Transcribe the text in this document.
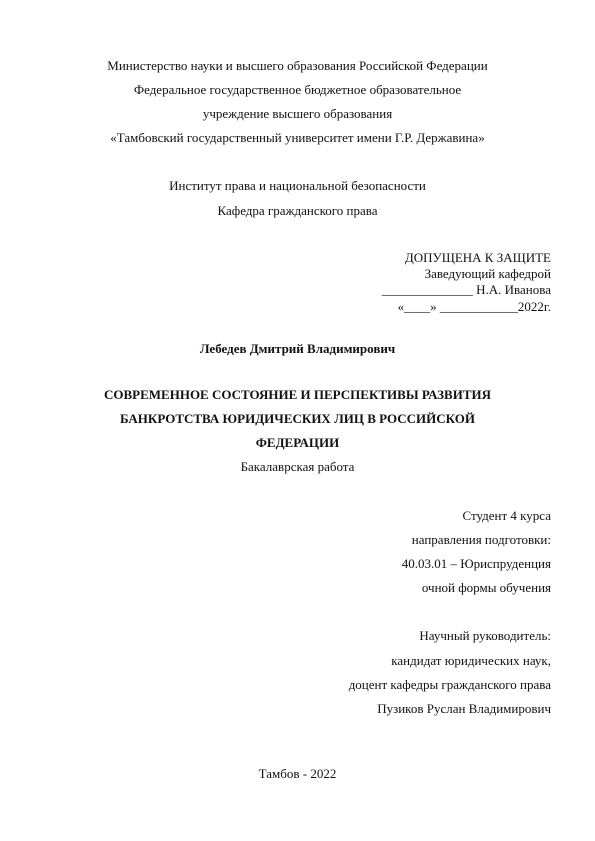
Министерство науки и высшего образования Российской Федерации
Федеральное государственное бюджетное образовательное
учреждение высшего образования
«Тамбовский государственный университет имени Г.Р. Державина»
Институт права и национальной безопасности
Кафедра гражданского права
ДОПУЩЕНА К ЗАЩИТЕ
Заведующий кафедрой
______________ Н.А. Иванова
«____» ____________2022г.
Лебедев Дмитрий Владимирович
СОВРЕМЕННОЕ СОСТОЯНИЕ И ПЕРСПЕКТИВЫ РАЗВИТИЯ
БАНКРОТСТВА ЮРИДИЧЕСКИХ ЛИЦ В РОССИЙСКОЙ
ФЕДЕРАЦИИ
Бакалаврская работа
Студент 4 курса
направления подготовки:
40.03.01 – Юриспруденция
очной формы обучения
Научный руководитель:
кандидат юридических наук,
доцент кафедры гражданского права
Пузиков Руслан Владимирович
Тамбов - 2022
